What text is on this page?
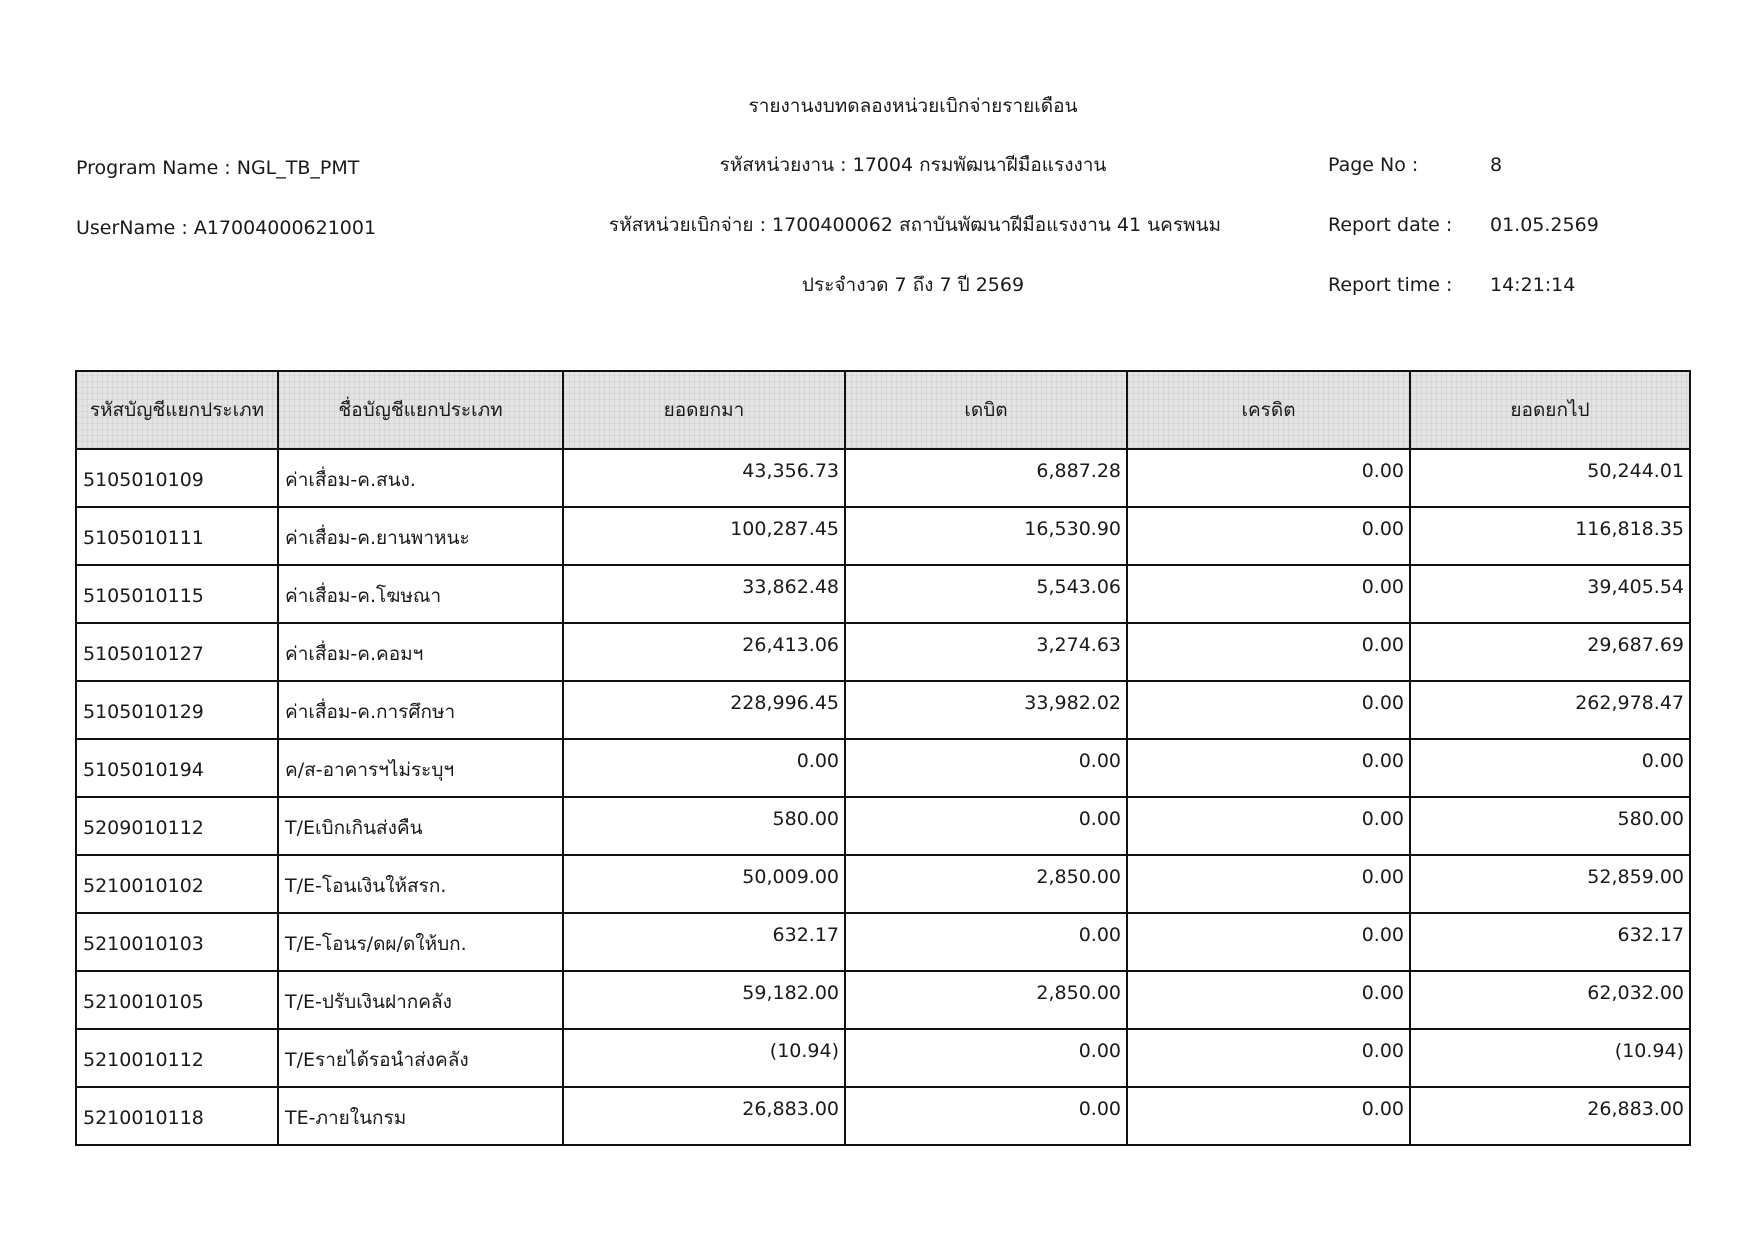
รายงานงบทดลองหน่วยเบิกจ่ายรายเดือน
Program Name : NGL_TB_PMT	รหัสหน่วยงาน : 17004 กรมพัฒนาฝีมือแรงงาน	Page No :	8
UserName : A17004000621001	รหัสหน่วยเบิกจ่าย : 1700400062 สถาบันพัฒนาฝีมือแรงงาน 41 นครพนม	Report date : 01.05.2569
ประจำงวด 7 ถึง 7 ปี 2569	Report time : 14:21:14
รหัสบัญชีแยกประเภท	ชื่อบัญชีแยกประเภท	ยอดยกมา	เดบิต	เครดิต	ยอดยกไป
5105010109	ค่าเสื่อม-ค.สนง.	43,356.73	6,887.28	0.00	50,244.01
5105010111	ค่าเสื่อม-ค.ยานพาหนะ	100,287.45	16,530.90	0.00	116,818.35
5105010115	ค่าเสื่อม-ค.โฆษณา	33,862.48	5,543.06	0.00	39,405.54
5105010127	ค่าเสื่อม-ค.คอมฯ	26,413.06	3,274.63	0.00	29,687.69
5105010129	ค่าเสื่อม-ค.การศึกษา	228,996.45	33,982.02	0.00	262,978.47
5105010194	ค/ส-อาคารฯไม่ระบุฯ	0.00	0.00	0.00	0.00
5209010112	T/Eเบิกเกินส่งคืน	580.00	0.00	0.00	580.00
5210010102	T/E-โอนเงินให้สรก.	50,009.00	2,850.00	0.00	52,859.00
5210010103	T/E-โอนร/ดผ/ดให้บก.	632.17	0.00	0.00	632.17
5210010105	T/E-ปรับเงินฝากคลัง	59,182.00	2,850.00	0.00	62,032.00
5210010112	T/Eรายได้รอนำส่งคลัง	(10.94)	0.00	0.00	(10.94)
5210010118	TE-ภายในกรม	26,883.00	0.00	0.00	26,883.00
